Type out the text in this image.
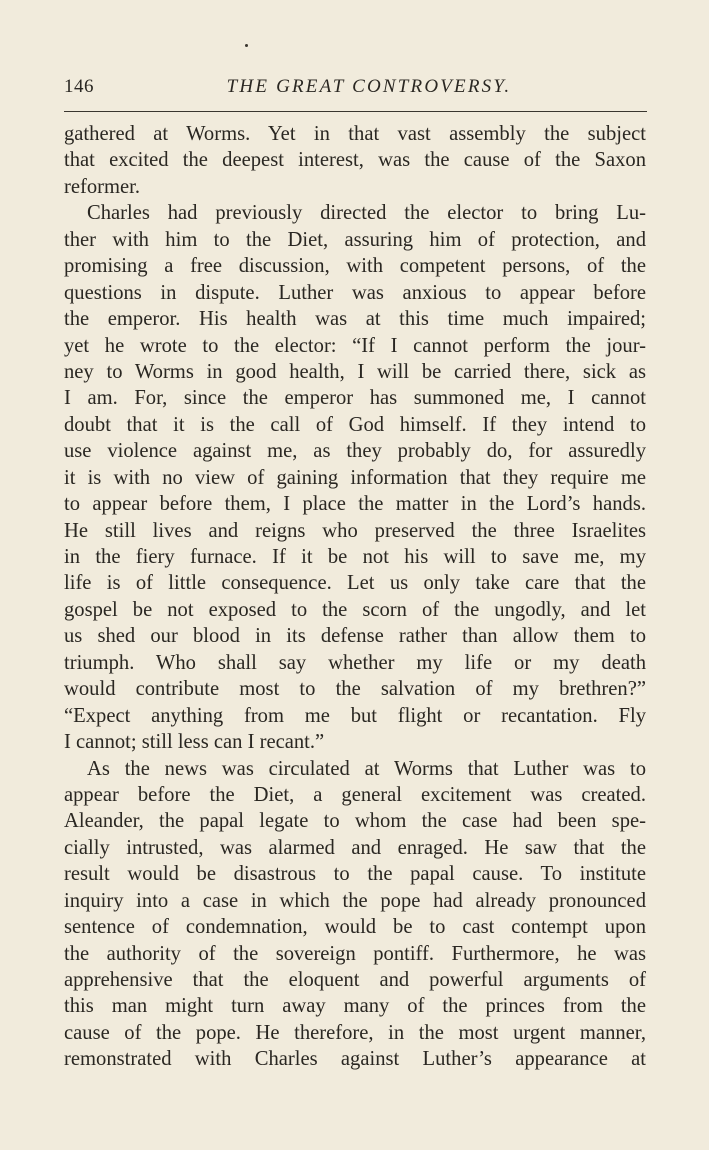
146	THE GREAT CONTROVERSY.
gathered at Worms. Yet in that vast assembly the subject
that excited the deepest interest, was the cause of the Saxon
reformer.
Charles had previously directed the elector to bring Lu-
ther with him to the Diet, assuring him of protection, and
promising a free discussion, with competent persons, of the
questions in dispute. Luther was anxious to appear before
the emperor. His health was at this time much impaired;
yet he wrote to the elector: “If I cannot perform the jour-
ney to Worms in good health, I will be carried there, sick as
I am. For, since the emperor has summoned me, I cannot
doubt that it is the call of God himself. If they intend to
use violence against me, as they probably do, for assuredly
it is with no view of gaining information that they require me
to appear before them, I place the matter in the Lord’s hands.
He still lives and reigns who preserved the three Israelites
in the fiery furnace. If it be not his will to save me, my
life is of little consequence. Let us only take care that the
gospel be not exposed to the scorn of the ungodly, and let
us shed our blood in its defense rather than allow them to
triumph. Who shall say whether my life or my death
would contribute most to the salvation of my brethren?”
“Expect anything from me but flight or recantation. Fly
I cannot; still less can I recant.”
As the news was circulated at Worms that Luther was to
appear before the Diet, a general excitement was created.
Aleander, the papal legate to whom the case had been spe-
cially intrusted, was alarmed and enraged. He saw that the
result would be disastrous to the papal cause. To institute
inquiry into a case in which the pope had already pronounced
sentence of condemnation, would be to cast contempt upon
the authority of the sovereign pontiff. Furthermore, he was
apprehensive that the eloquent and powerful arguments of
this man might turn away many of the princes from the
cause of the pope. He therefore, in the most urgent manner,
remonstrated with Charles against Luther’s appearance at
